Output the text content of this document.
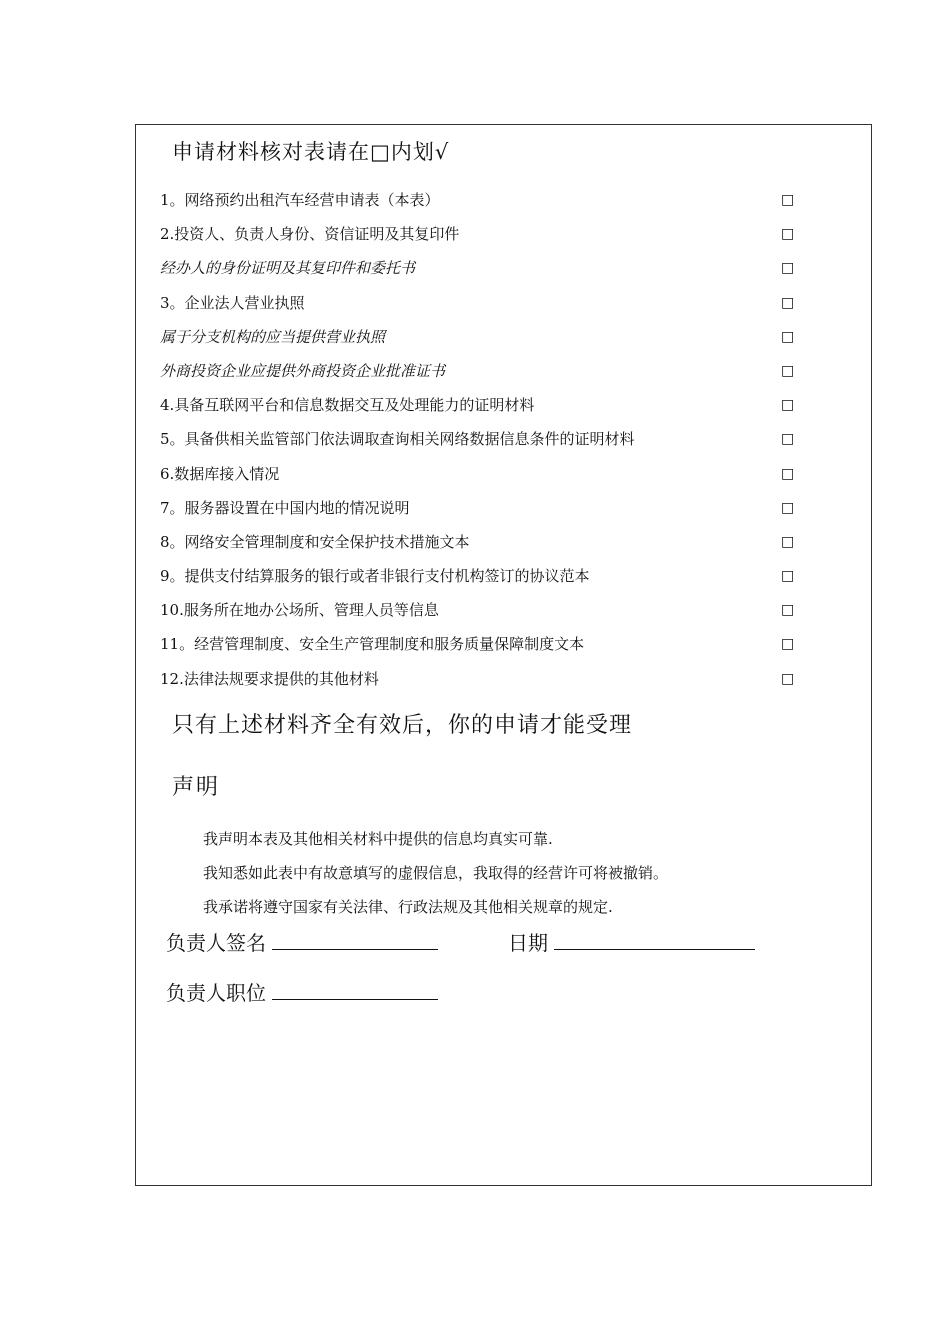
申请材料核对表请在□内划√
1。网络预约出租汽车经营申请表（本表）	□
2.投资人、负责人身份、资信证明及其复印件	□
经办人的身份证明及其复印件和委托书	□
3。企业法人营业执照	□
属于分支机构的应当提供营业执照	□
外商投资企业应提供外商投资企业批准证书	□
4.具备互联网平台和信息数据交互及处理能力的证明材料	□
5。具备供相关监管部门依法调取查询相关网络数据信息条件的证明材料	□
6.数据库接入情况	□
7。服务器设置在中国内地的情况说明	□
8。网络安全管理制度和安全保护技术措施文本	□
9。提供支付结算服务的银行或者非银行支付机构签订的协议范本	□
10.服务所在地办公场所、管理人员等信息	□
11。经营管理制度、安全生产管理制度和服务质量保障制度文本	□
12.法律法规要求提供的其他材料	□
只有上述材料齐全有效后，你的申请才能受理
声明
我声明本表及其他相关材料中提供的信息均真实可靠.
我知悉如此表中有故意填写的虚假信息，我取得的经营许可将被撤销。
我承诺将遵守国家有关法律、行政法规及其他相关规章的规定.
负责人签名	日期
负责人职位
